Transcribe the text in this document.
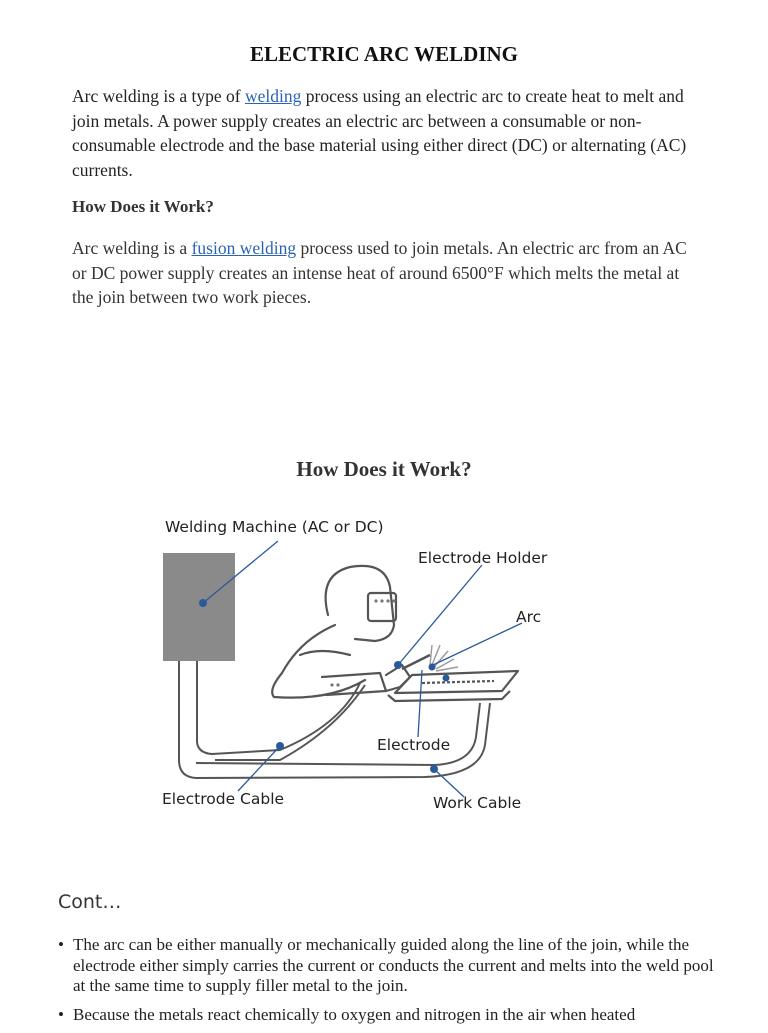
ELECTRIC ARC WELDING
Arc welding is a type of welding process using an electric arc to create heat to melt and join metals. A power supply creates an electric arc between a consumable or non-consumable electrode and the base material using either direct (DC) or alternating (AC) currents.
How Does it Work?
Arc welding is a fusion welding process used to join metals. An electric arc from an AC or DC power supply creates an intense heat of around 6500°F which melts the metal at the join between two work pieces.
How Does it Work?
Welding Machine (AC or DC)
Electrode Holder
Arc
Electrode
Electrode Cable	Work Cable
Cont…
• The arc can be either manually or mechanically guided along the line of the join, while the electrode either simply carries the current or conducts the current and melts into the weld pool at the same time to supply filler metal to the join.
• Because the metals react chemically to oxygen and nitrogen in the air when heated
